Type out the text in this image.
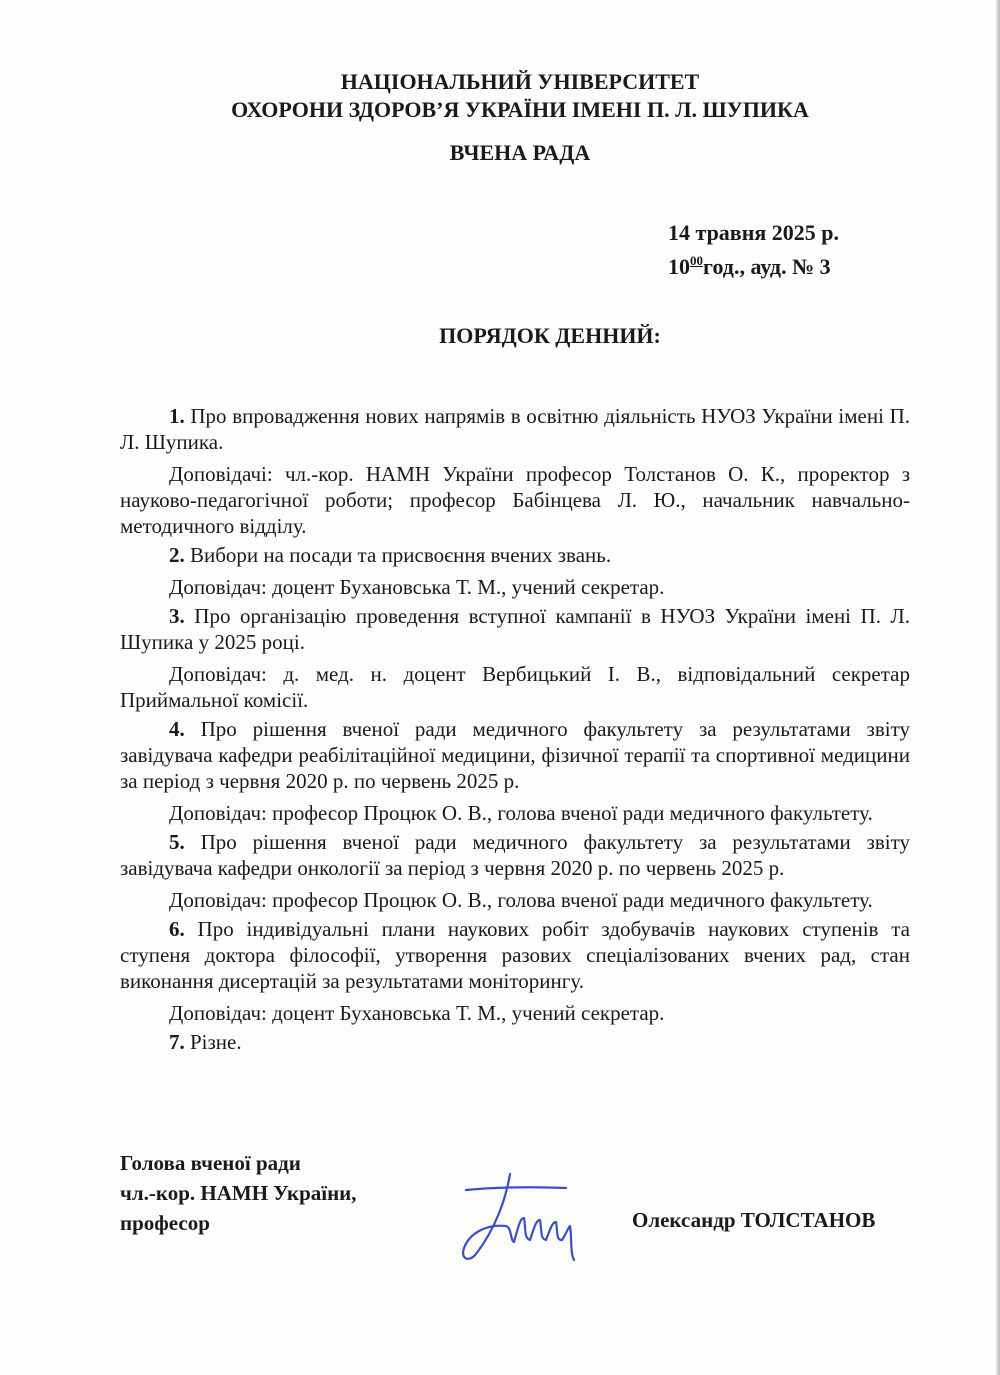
НАЦІОНАЛЬНИЙ УНІВЕРСИТЕТ
ОХОРОНИ ЗДОРОВ’Я УКРАЇНИ ІМЕНІ П. Л. ШУПИКА
ВЧЕНА РАДА
14 травня 2025 р.
$10^{00}год$., ауд. № 3
ПОРЯДОК ДЕННИЙ:

1. Про впровадження нових напрямів в освітню діяльність НУОЗ України імені П. Л. Шупика.

Доповідачі: чл.-кор. НАМН України професор Толстанов О. К., проректор з науково-педагогічної роботи; професор Бабінцева Л. Ю., начальник навчально-методичного відділу.

2. Вибори на посади та присвоєння вчених звань.

Доповідач: доцент Бухановська Т. М., учений секретар.

3. Про організацію проведення вступної кампанії в НУОЗ України імені П. Л. Шупика у 2025 році.

Доповідач: д. мед. н. доцент Вербицький І. В., відповідальний секретар Приймальної комісії.

4. Про рішення вченої ради медичного факультету за результатами звіту завідувача кафедри реабілітаційної медицини, фізичної терапії та спортивної медицини за період з червня 2020 р. по червень 2025 р.

Доповідач: професор Процюк О. В., голова вченої ради медичного факультету.

5. Про рішення вченої ради медичного факультету за результатами звіту завідувача кафедри онкології за період з червня 2020 р. по червень 2025 р.

Доповідач: професор Процюк О. В., голова вченої ради медичного факультету.

6. Про індивідуальні плани наукових робіт здобувачів наукових ступенів та ступеня доктора філософії, утворення разових спеціалізованих вчених рад, стан виконання дисертацій за результатами моніторингу.

Доповідач: доцент Бухановська Т. М., учений секретар.

7. Різне.

Голова вченої ради
чл.-кор. НАМН України,
професор	Олександр ТОЛСТАНОВ
